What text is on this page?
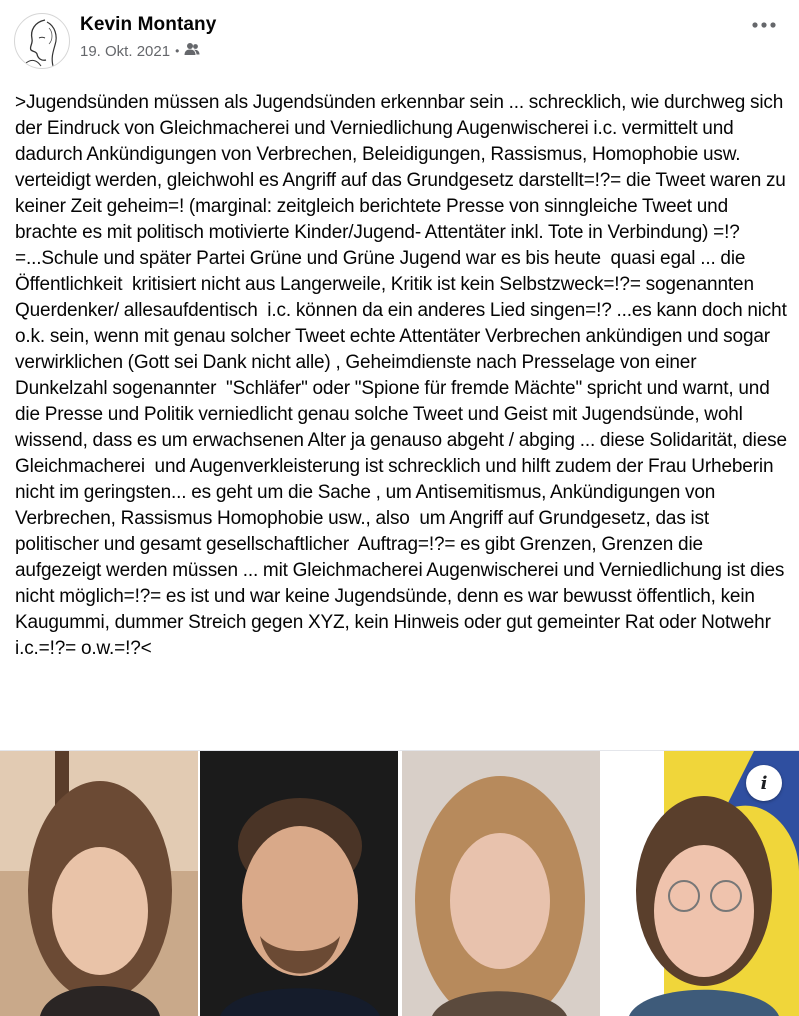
Kevin Montany
19. Okt. 2021 •

>Jugendsünden müssen als Jugendsünden erkennbar sein ... schrecklich, wie durchweg sich der Eindruck von Gleichmacherei und Verniedlichung Augenwischerei i.c. vermittelt und dadurch Ankündigungen von Verbrechen, Beleidigungen, Rassismus, Homophobie usw. verteidigt werden, gleichwohl es Angriff auf das Grundgesetz darstellt=!?= die Tweet waren zu keiner Zeit geheim=! (marginal: zeitgleich berichtete Presse von sinngleiche Tweet und brachte es mit politisch motivierte Kinder/Jugend- Attentäter inkl. Tote in Verbindung) =!? =...Schule und später Partei Grüne und Grüne Jugend war es bis heute  quasi egal ... die Öffentlichkeit  kritisiert nicht aus Langerweile, Kritik ist kein Selbstzweck=!?= sogenannten Querdenker/ allesaufdentisch  i.c. können da ein anderes Lied singen=!? ...es kann doch nicht o.k. sein, wenn mit genau solcher Tweet echte Attentäter Verbrechen ankündigen und sogar verwirklichen (Gott sei Dank nicht alle) , Geheimdienste nach Presselage von einer Dunkelzahl sogenannter  "Schläfer" oder "Spione für fremde Mächte" spricht und warnt, und die Presse und Politik verniedlicht genau solche Tweet und Geist mit Jugendsünde, wohl wissend, dass es um erwachsenen Alter ja genauso abgeht / abging ... diese Solidarität, diese Gleichmacherei  und Augenverkleisterung ist schrecklich und hilft zudem der Frau Urheberin nicht im geringsten... es geht um die Sache , um Antisemitismus, Ankündigungen von Verbrechen, Rassismus Homophobie usw., also  um Angriff auf Grundgesetz, das ist politischer und gesamt gesellschaftlicher  Auftrag=!?= es gibt Grenzen, Grenzen die aufgezeigt werden müssen ... mit Gleichmacherei Augenwischerei und Verniedlichung ist dies nicht möglich=!?= es ist und war keine Jugendsünde, denn es war bewusst öffentlich, kein Kaugummi, dummer Streich gegen XYZ, kein Hinweis oder gut gemeinter Rat oder Notwehr i.c.=!?= o.w.=!?<

i
